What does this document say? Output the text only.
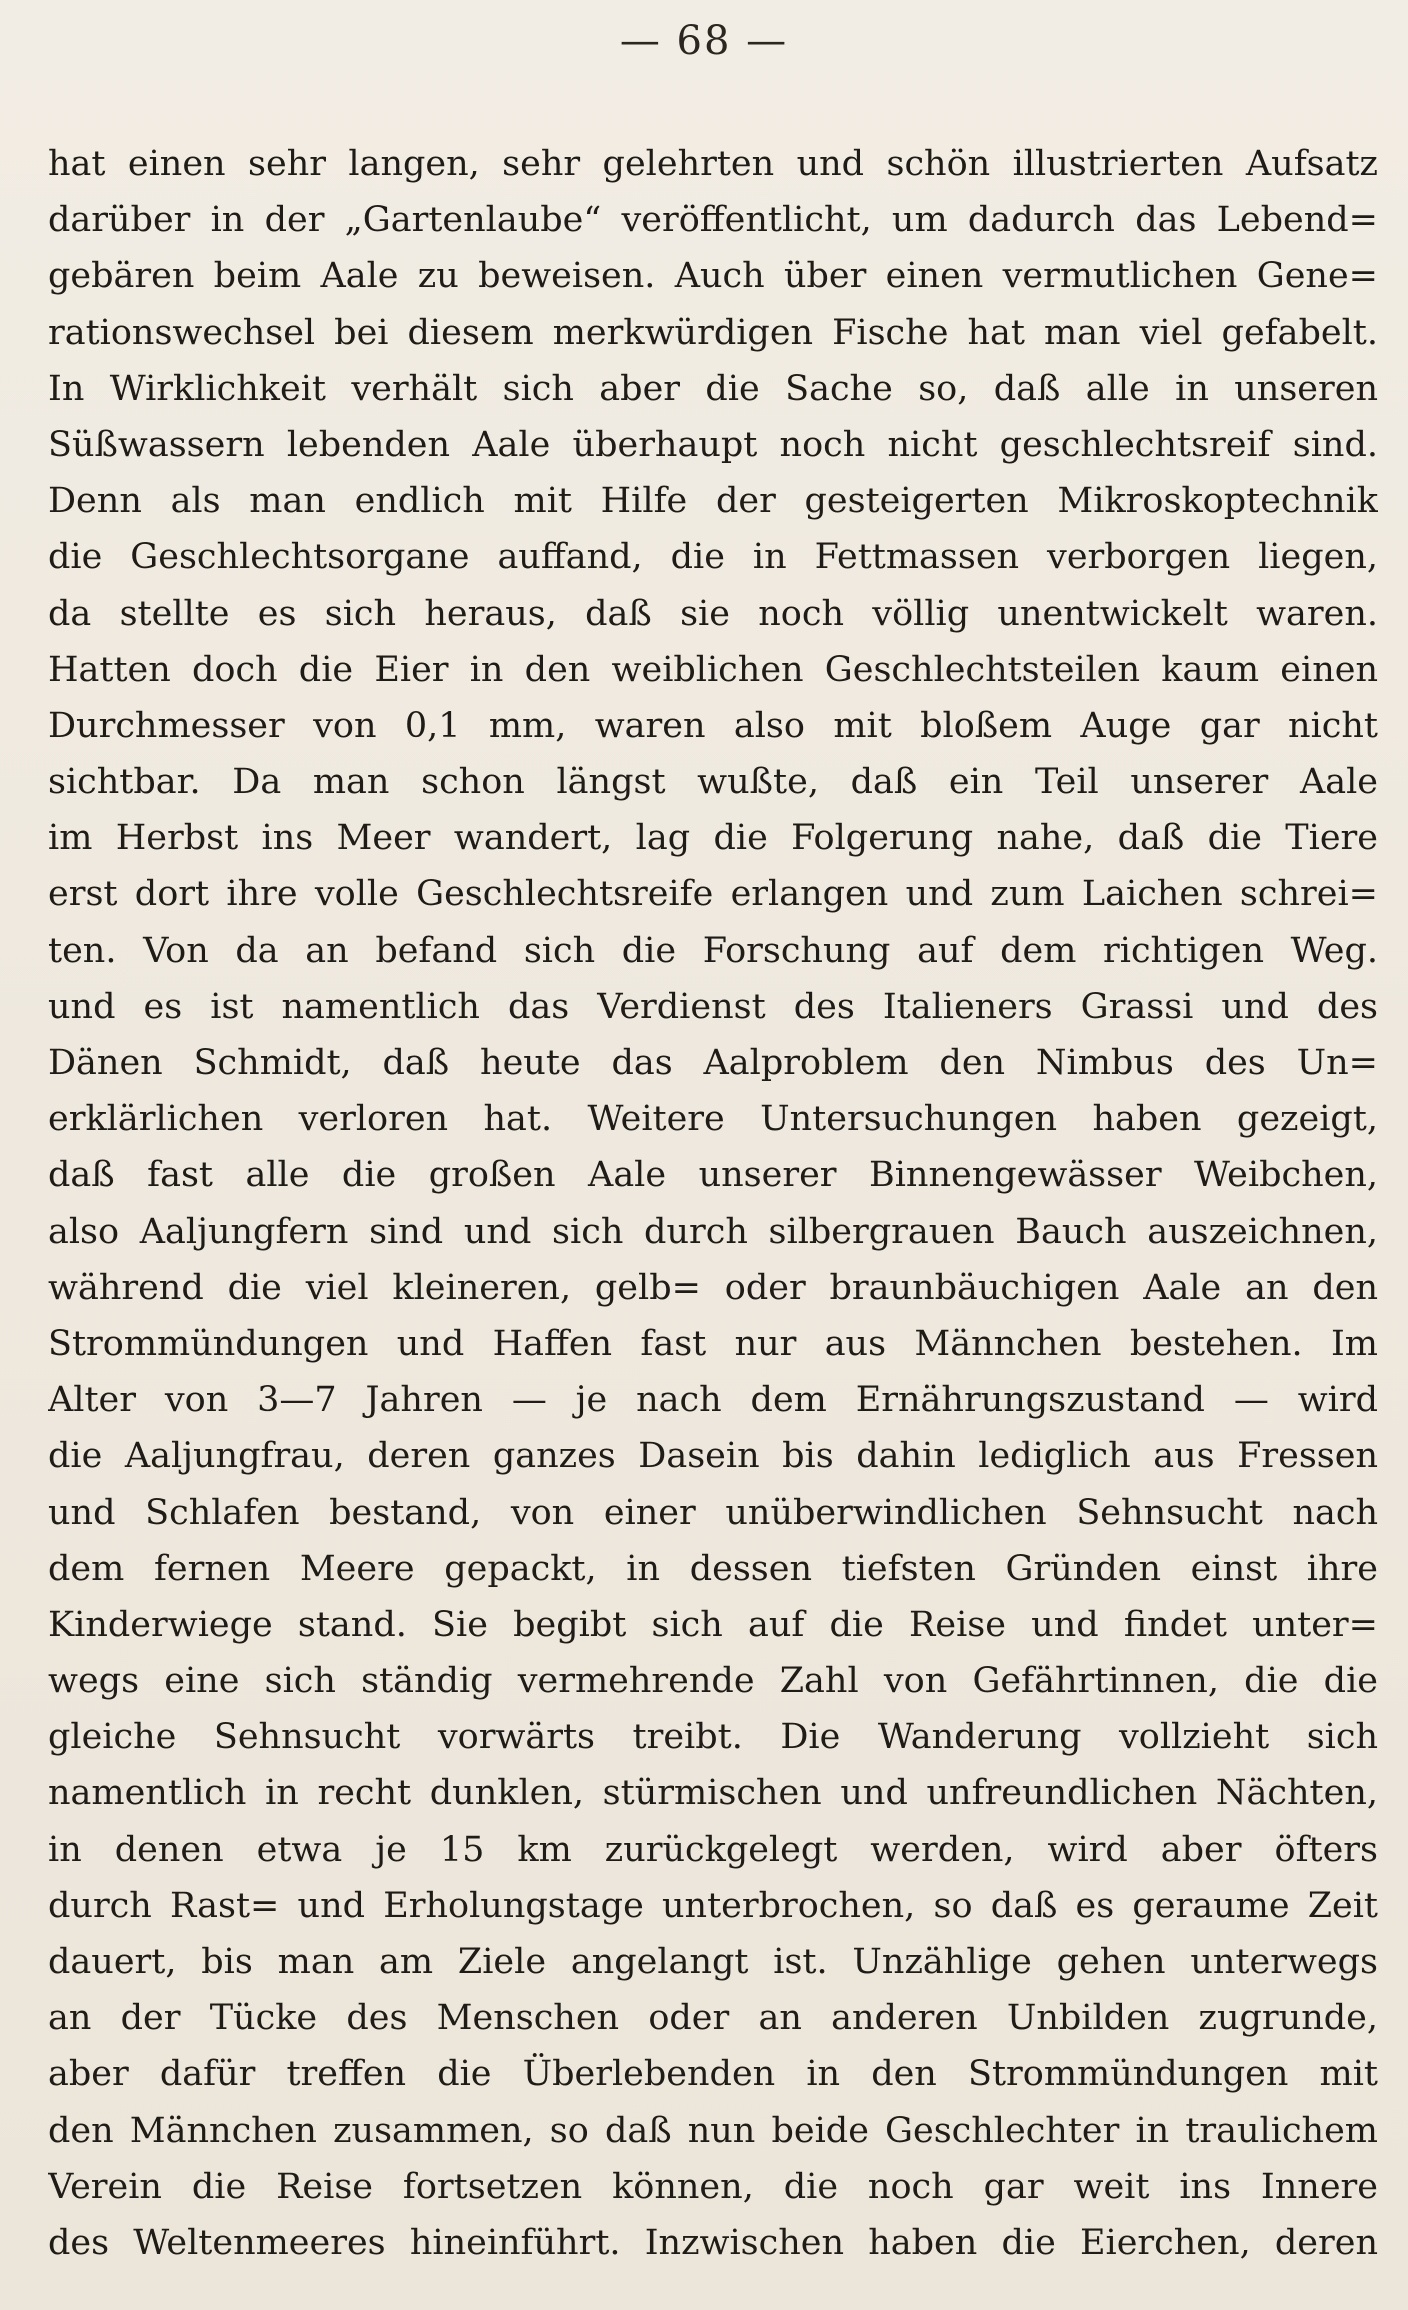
— 68 —
hat einen sehr langen, sehr gelehrten und schön illustrierten Aufsatz
darüber in der „Gartenlaube“ veröffentlicht, um dadurch das Lebend=
gebären beim Aale zu beweisen. Auch über einen vermutlichen Gene=
rationswechsel bei diesem merkwürdigen Fische hat man viel gefabelt.
In Wirklichkeit verhält sich aber die Sache so, daß alle in unseren
Süßwassern lebenden Aale überhaupt noch nicht geschlechtsreif sind.
Denn als man endlich mit Hilfe der gesteigerten Mikroskoptechnik
die Geschlechtsorgane auffand, die in Fettmassen verborgen liegen,
da stellte es sich heraus, daß sie noch völlig unentwickelt waren.
Hatten doch die Eier in den weiblichen Geschlechtsteilen kaum einen
Durchmesser von 0,1 mm, waren also mit bloßem Auge gar nicht
sichtbar. Da man schon längst wußte, daß ein Teil unserer Aale
im Herbst ins Meer wandert, lag die Folgerung nahe, daß die Tiere
erst dort ihre volle Geschlechtsreife erlangen und zum Laichen schrei=
ten. Von da an befand sich die Forschung auf dem richtigen Weg.
und es ist namentlich das Verdienst des Italieners Grassi und des
Dänen Schmidt, daß heute das Aalproblem den Nimbus des Un=
erklärlichen verloren hat. Weitere Untersuchungen haben gezeigt,
daß fast alle die großen Aale unserer Binnengewässer Weibchen,
also Aaljungfern sind und sich durch silbergrauen Bauch auszeichnen,
während die viel kleineren, gelb= oder braunbäuchigen Aale an den
Strommündungen und Haffen fast nur aus Männchen bestehen. Im
Alter von 3—7 Jahren — je nach dem Ernährungszustand — wird
die Aaljungfrau, deren ganzes Dasein bis dahin lediglich aus Fressen
und Schlafen bestand, von einer unüberwindlichen Sehnsucht nach
dem fernen Meere gepackt, in dessen tiefsten Gründen einst ihre
Kinderwiege stand. Sie begibt sich auf die Reise und findet unter=
wegs eine sich ständig vermehrende Zahl von Gefährtinnen, die die
gleiche Sehnsucht vorwärts treibt. Die Wanderung vollzieht sich
namentlich in recht dunklen, stürmischen und unfreundlichen Nächten,
in denen etwa je 15 km zurückgelegt werden, wird aber öfters
durch Rast= und Erholungstage unterbrochen, so daß es geraume Zeit
dauert, bis man am Ziele angelangt ist. Unzählige gehen unterwegs
an der Tücke des Menschen oder an anderen Unbilden zugrunde,
aber dafür treffen die Überlebenden in den Strommündungen mit
den Männchen zusammen, so daß nun beide Geschlechter in traulichem
Verein die Reise fortsetzen können, die noch gar weit ins Innere
des Weltenmeeres hineinführt. Inzwischen haben die Eierchen, deren
